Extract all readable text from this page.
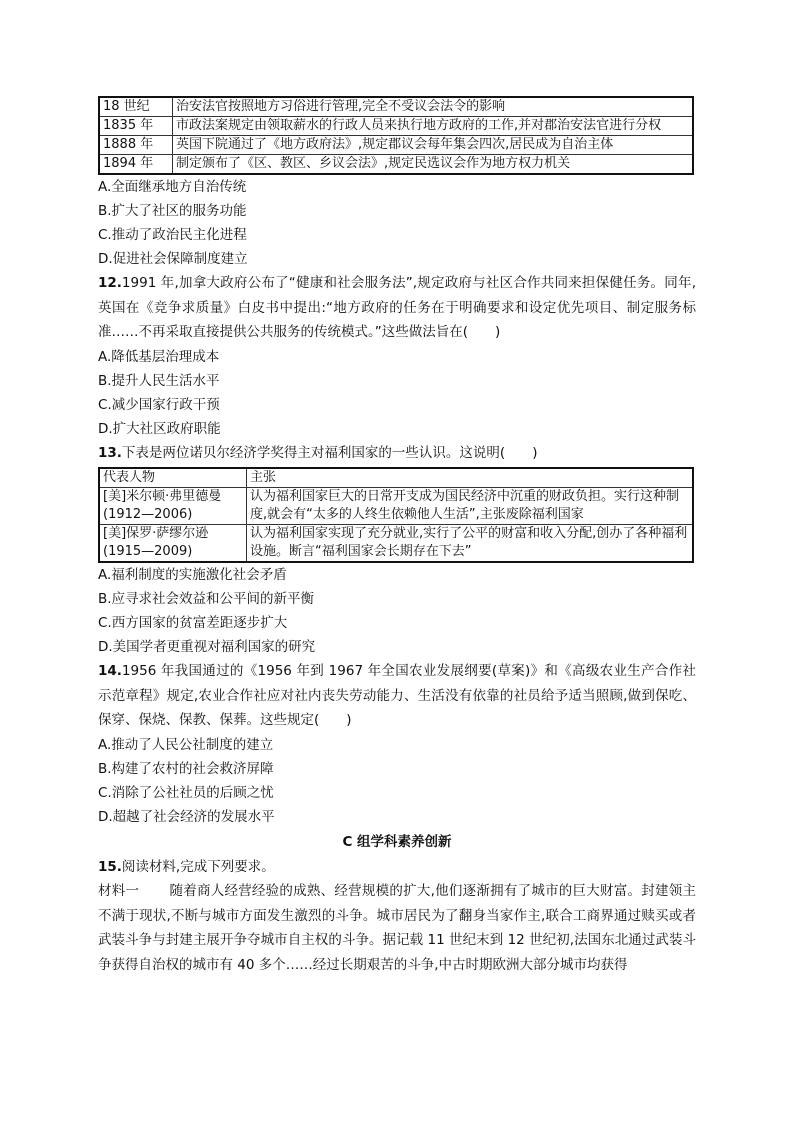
18 世纪	治安法官按照地方习俗进行管理,完全不受议会法令的影响
1835 年	市政法案规定由领取薪水的行政人员来执行地方政府的工作,并对郡治安法官进行分权
1888 年	英国下院通过了《地方政府法》,规定郡议会每年集会四次,居民成为自治主体
1894 年	制定颁布了《区、教区、乡议会法》,规定民选议会作为地方权力机关
A.全面继承地方自治传统
B.扩大了社区的服务功能
C.推动了政治民主化进程
D.促进社会保障制度建立
12.1991 年,加拿大政府公布了“健康和社会服务法”,规定政府与社区合作共同来担保健任务。同年,英国在《竞争求质量》白皮书中提出:“地方政府的任务在于明确要求和设定优先项目、制定服务标准……不再采取直接提供公共服务的传统模式。”这些做法旨在(　　)
A.降低基层治理成本
B.提升人民生活水平
C.减少国家行政干预
D.扩大社区政府职能
13.下表是两位诺贝尔经济学奖得主对福利国家的一些认识。这说明(　　)
代表人物	主张
[美]米尔顿·弗里德曼(1912—2006)	认为福利国家巨大的日常开支成为国民经济中沉重的财政负担。实行这种制度,就会有“太多的人终生依赖他人生活”,主张废除福利国家
[美]保罗·萨缪尔逊(1915—2009)	认为福利国家实现了充分就业,实行了公平的财富和收入分配,创办了各种福利设施。断言“福利国家会长期存在下去”
A.福利制度的实施激化社会矛盾
B.应寻求社会效益和公平间的新平衡
C.西方国家的贫富差距逐步扩大
D.美国学者更重视对福利国家的研究
14.1956 年我国通过的《1956 年到 1967 年全国农业发展纲要(草案)》和《高级农业生产合作社示范章程》规定,农业合作社应对社内丧失劳动能力、生活没有依靠的社员给予适当照顾,做到保吃、保穿、保烧、保教、保葬。这些规定(　　)
A.推动了人民公社制度的建立
B.构建了农村的社会救济屏障
C.消除了公社社员的后顾之忧
D.超越了社会经济的发展水平
C 组学科素养创新
15.阅读材料,完成下列要求。
材料一 随着商人经营经验的成熟、经营规模的扩大,他们逐渐拥有了城市的巨大财富。封建领主不满于现状,不断与城市方面发生激烈的斗争。城市居民为了翻身当家作主,联合工商界通过赎买或者武装斗争与封建主展开争夺城市自主权的斗争。据记载 11 世纪末到 12 世纪初,法国东北通过武装斗争获得自治权的城市有 40 多个……经过长期艰苦的斗争,中古时期欧洲大部分城市均获得
